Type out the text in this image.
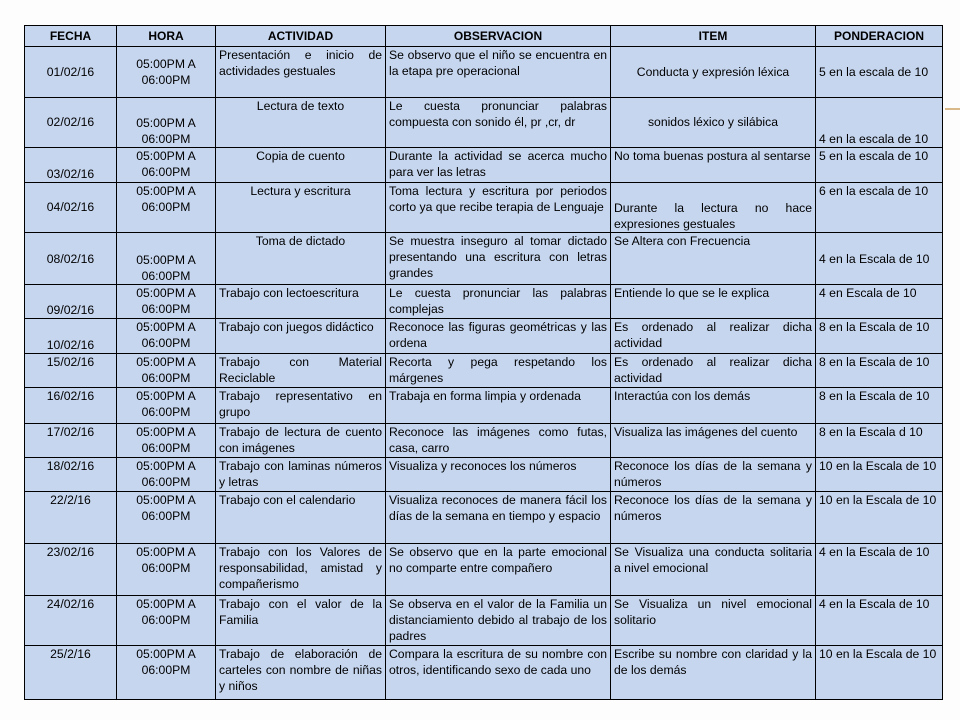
FECHA	HORA	ACTIVIDAD	OBSERVACION	ITEM	PONDERACION
01/02/16	05:00PM A 06:00PM	Presentación e inicio de actividades gestuales	Se observo que el niño se encuentra en la etapa pre operacional	Conducta y expresión léxica	5 en la escala de 10
02/02/16	05:00PM A 06:00PM	Lectura de texto	Le cuesta pronunciar palabras compuesta con sonido él, pr ,cr, dr	sonidos léxico y silábica	4 en la escala de 10
03/02/16	05:00PM A 06:00PM	Copia de cuento	Durante la actividad se acerca mucho para ver las letras	No toma buenas postura al sentarse	5 en la escala de 10
04/02/16	05:00PM A 06:00PM	Lectura y escritura	Toma lectura y escritura por periodos corto ya que recibe terapia de Lenguaje	Durante la lectura no hace expresiones gestuales	6 en la escala de 10
08/02/16	05:00PM A 06:00PM	Toma de dictado	Se muestra inseguro al tomar dictado presentando una escritura con letras grandes	Se Altera con Frecuencia	4 en la Escala de 10
09/02/16	05:00PM A 06:00PM	Trabajo con lectoescritura	Le cuesta pronunciar las palabras complejas	Entiende lo que se le explica	4 en Escala de 10
10/02/16	05:00PM A 06:00PM	Trabajo con juegos didáctico	Reconoce las figuras geométricas y las ordena	Es ordenado al realizar dicha actividad	8 en la Escala de 10
15/02/16	05:00PM A 06:00PM	Trabajo con Material Reciclable	Recorta y pega respetando los márgenes	Es ordenado al realizar dicha actividad	8 en la Escala de 10
16/02/16	05:00PM A 06:00PM	Trabajo representativo en grupo	Trabaja en forma limpia y ordenada	Interactúa con los demás	8 en la Escala de 10
17/02/16	05:00PM A 06:00PM	Trabajo de lectura de cuento con imágenes	Reconoce las imágenes como futas, casa, carro	Visualiza las imágenes del cuento	8 en la Escala d 10
18/02/16	05:00PM A 06:00PM	Trabajo con laminas números y letras	Visualiza y reconoces los números	Reconoce los días de la semana y números	10 en la Escala de 10
22/2/16	05:00PM A 06:00PM	Trabajo con el calendario	Visualiza reconoces de manera fácil los días de la semana en tiempo y espacio	Reconoce los días de la semana y números	10 en la Escala de 10
23/02/16	05:00PM A 06:00PM	Trabajo con los Valores de responsabilidad, amistad y compañerismo	Se observo que en la parte emocional no comparte entre compañero	Se Visualiza una conducta solitaria a nivel emocional	4 en la Escala de 10
24/02/16	05:00PM A 06:00PM	Trabajo con el valor de la Familia	Se observa en el valor de la Familia un distanciamiento debido al trabajo de los padres	Se Visualiza un nivel emocional solitario	4 en la Escala de 10
25/2/16	05:00PM A 06:00PM	Trabajo de elaboración de carteles con nombre de niñas y niños	Compara la escritura de su nombre con otros, identificando sexo de cada uno	Escribe su nombre con claridad y la de los demás	10 en la Escala de 10
